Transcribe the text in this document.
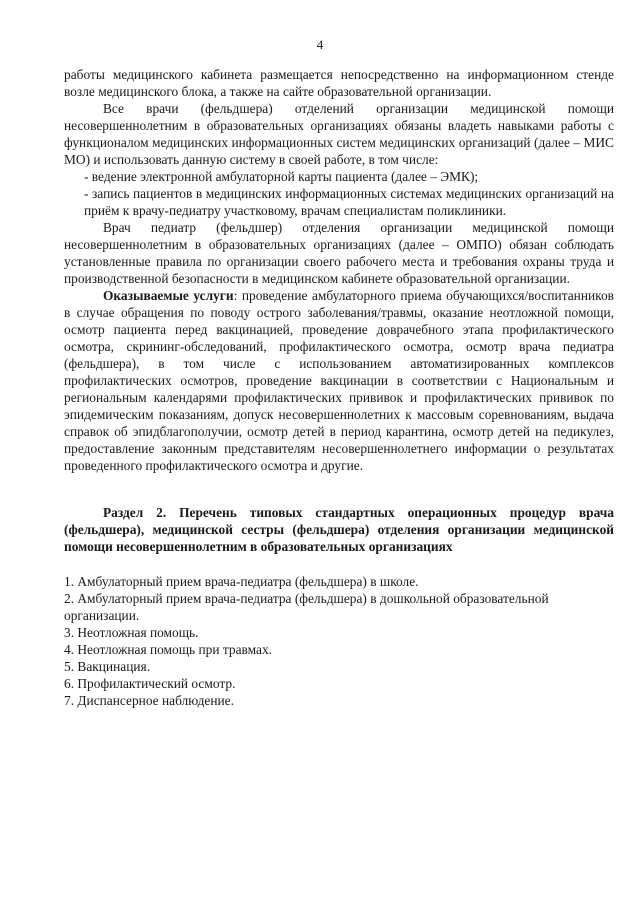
4

работы медицинского кабинета размещается непосредственно на информационном стенде возле медицинского блока, а также на сайте образовательной организации.

Все врачи (фельдшера) отделений организации медицинской помощи несовершеннолетним в образовательных организациях обязаны владеть навыками работы с функционалом медицинских информационных систем медицинских организаций (далее – МИС МО) и использовать данную систему в своей работе, в том числе:

- ведение электронной амбулаторной карты пациента (далее – ЭМК);

- запись пациентов в медицинских информационных системах медицинских организаций на приём к врачу-педиатру участковому, врачам специалистам поликлиники.

Врач педиатр (фельдшер) отделения организации медицинской помощи несовершеннолетним в образовательных организациях (далее – ОМПО) обязан соблюдать установленные правила по организации своего рабочего места и требования охраны труда и производственной безопасности в медицинском кабинете образовательной организации.

Оказываемые услуги: проведение амбулаторного приема обучающихся/воспитанников в случае обращения по поводу острого заболевания/травмы, оказание неотложной помощи, осмотр пациента перед вакцинацией, проведение доврачебного этапа профилактического осмотра, скрининг-обследований, профилактического осмотра, осмотр врача педиатра (фельдшера), в том числе с использованием автоматизированных комплексов профилактических осмотров, проведение вакцинации в соответствии с Национальным и региональным календарями профилактических прививок и профилактических прививок по эпидемическим показаниям, допуск несовершеннолетних к массовым соревнованиям, выдача справок об эпидблагополучии, осмотр детей в период карантина, осмотр детей на педикулез, предоставление законным представителям несовершеннолетнего информации о результатах проведенного профилактического осмотра и другие.

Раздел 2. Перечень типовых стандартных операционных процедур врача (фельдшера), медицинской сестры (фельдшера) отделения организации медицинской помощи несовершеннолетним в образовательных организациях

1. Амбулаторный прием врача-педиатра (фельдшера) в школе.

2. Амбулаторный прием врача-педиатра (фельдшера) в дошкольной образовательной организации.

3. Неотложная помощь.

4. Неотложная помощь при травмах.

5. Вакцинация.

6. Профилактический осмотр.

7. Диспансерное наблюдение.
